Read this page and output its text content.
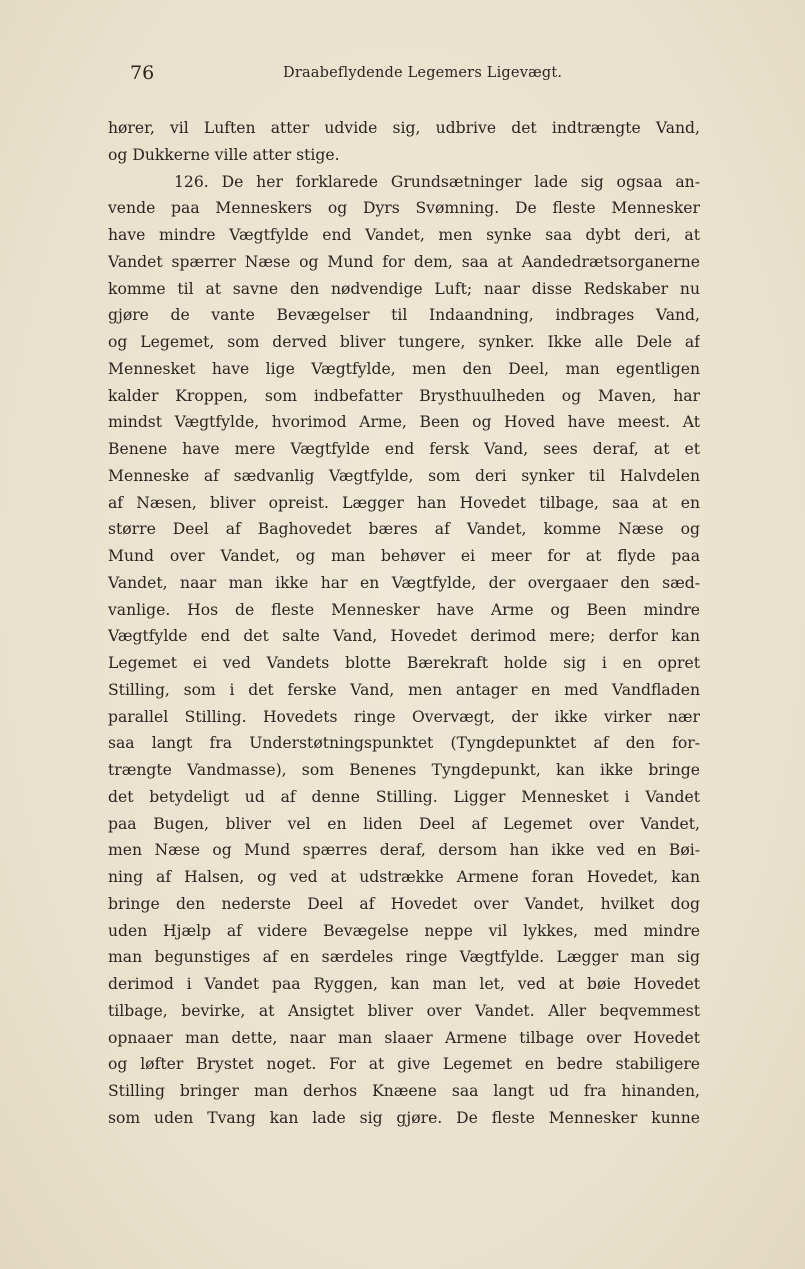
76	Draabeflydende Legemers Ligevægt.
hører, vil Luften atter udvide sig, udbrive det indtrængte Vand,
og Dukkerne ville atter stige.
126. De her forklarede Grundsætninger lade sig ogsaa an-
vende paa Menneskers og Dyrs Svømning. De fleste Mennesker
have mindre Vægtfylde end Vandet, men synke saa dybt deri, at
Vandet spærrer Næse og Mund for dem, saa at Aandedrætsorganerne
komme til at savne den nødvendige Luft; naar disse Redskaber nu
gjøre de vante Bevægelser til Indaandning, indbrages Vand,
og Legemet, som derved bliver tungere, synker. Ikke alle Dele af
Mennesket have lige Vægtfylde, men den Deel, man egentligen
kalder Kroppen, som indbefatter Brysthuulheden og Maven, har
mindst Vægtfylde, hvorimod Arme, Been og Hoved have meest. At
Benene have mere Vægtfylde end fersk Vand, sees deraf, at et
Menneske af sædvanlig Vægtfylde, som deri synker til Halvdelen
af Næsen, bliver opreist. Lægger han Hovedet tilbage, saa at en
større Deel af Baghovedet bæres af Vandet, komme Næse og
Mund over Vandet, og man behøver ei meer for at flyde paa
Vandet, naar man ikke har en Vægtfylde, der overgaaer den sæd-
vanlige. Hos de fleste Mennesker have Arme og Been mindre
Vægtfylde end det salte Vand, Hovedet derimod mere; derfor kan
Legemet ei ved Vandets blotte Bærekraft holde sig i en opret
Stilling, som i det ferske Vand, men antager en med Vandfladen
parallel Stilling. Hovedets ringe Overvægt, der ikke virker nær
saa langt fra Understøtningspunktet (Tyngdepunktet af den for-
trængte Vandmasse), som Benenes Tyngdepunkt, kan ikke bringe
det betydeligt ud af denne Stilling. Ligger Mennesket i Vandet
paa Bugen, bliver vel en liden Deel af Legemet over Vandet,
men Næse og Mund spærres deraf, dersom han ikke ved en Bøi-
ning af Halsen, og ved at udstrække Armene foran Hovedet, kan
bringe den nederste Deel af Hovedet over Vandet, hvilket dog
uden Hjælp af videre Bevægelse neppe vil lykkes, med mindre
man begunstiges af en særdeles ringe Vægtfylde. Lægger man sig
derimod i Vandet paa Ryggen, kan man let, ved at bøie Hovedet
tilbage, bevirke, at Ansigtet bliver over Vandet. Aller beqvemmest
opnaaer man dette, naar man slaaer Armene tilbage over Hovedet
og løfter Brystet noget. For at give Legemet en bedre stabiligere
Stilling bringer man derhos Knæene saa langt ud fra hinanden,
som uden Tvang kan lade sig gjøre. De fleste Mennesker kunne
